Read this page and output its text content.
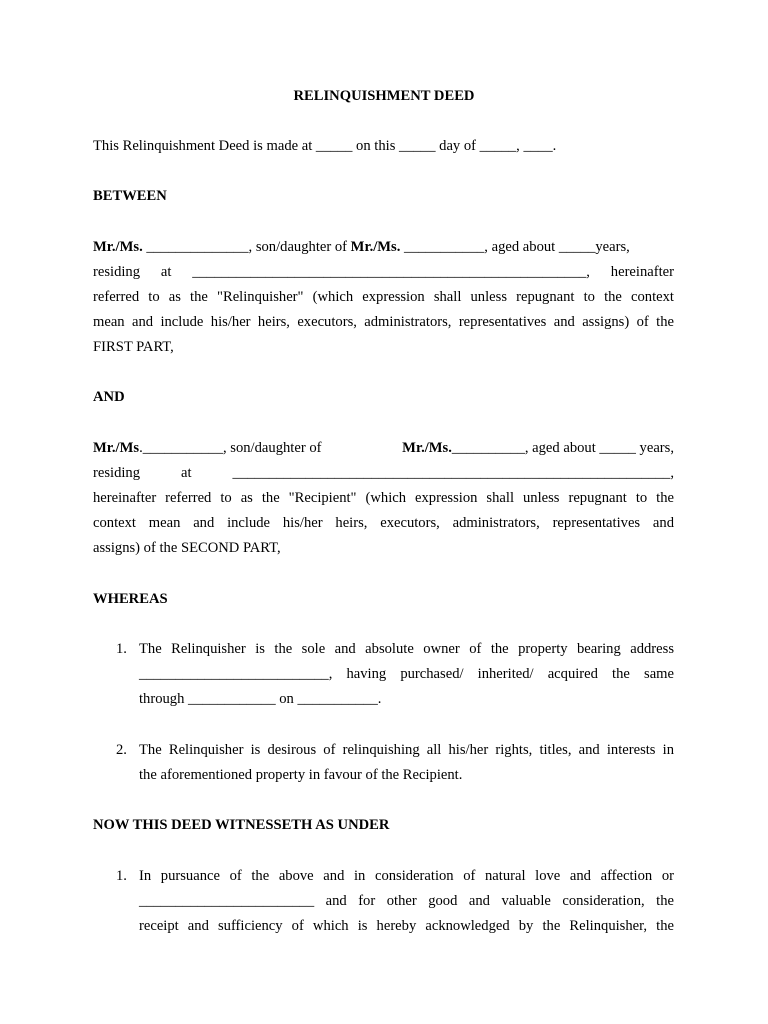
RELINQUISHMENT DEED
This Relinquishment Deed is made at _____ on this _____ day of _____, ____.
BETWEEN
Mr./Ms. ______________, son/daughter of Mr./Ms. ___________, aged about _____years,
residing at ______________________________________________________, hereinafter
referred to as the "Relinquisher" (which expression shall unless repugnant to the context
mean and include his/her heirs, executors, administrators, representatives and assigns) of the
FIRST PART,
AND
Mr./Ms.___________, son/daughter of	Mr./Ms.__________, aged about _____ years,
residing	at	____________________________________________________________,
hereinafter referred to as the "Recipient" (which expression shall unless repugnant to the
context mean and include his/her heirs, executors, administrators, representatives and
assigns) of the SECOND PART,
WHEREAS
1. The Relinquisher is the sole and absolute owner of the property bearing address
__________________________, having purchased/ inherited/ acquired the same
through ____________ on ___________.
2. The Relinquisher is desirous of relinquishing all his/her rights, titles, and interests in
the aforementioned property in favour of the Recipient.
NOW THIS DEED WITNESSETH AS UNDER
1. In pursuance of the above and in consideration of natural love and affection or
________________________ and for other good and valuable consideration, the
receipt and sufficiency of which is hereby acknowledged by the Relinquisher, the
